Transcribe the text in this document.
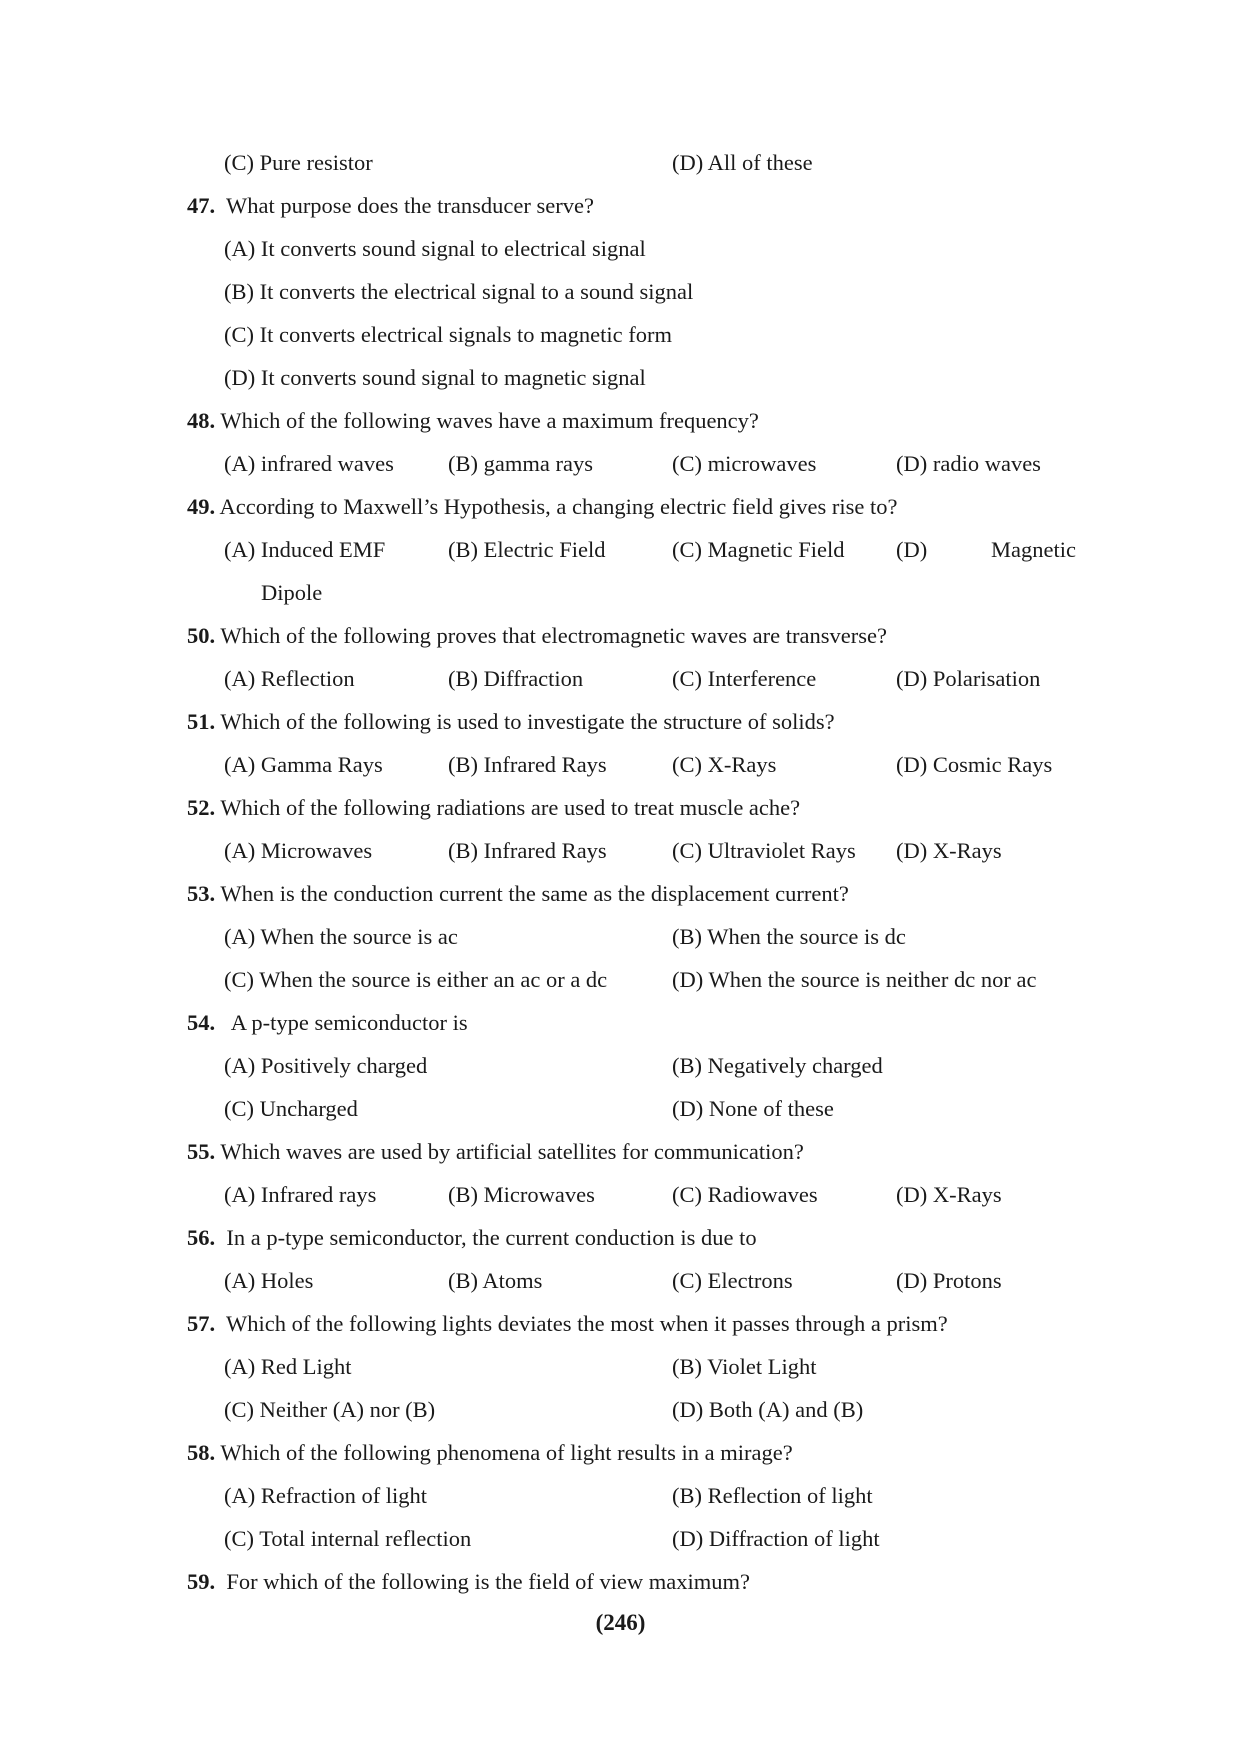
(C) Pure resistor	(D) All of these
47. What purpose does the transducer serve?
(A) It converts sound signal to electrical signal
(B) It converts the electrical signal to a sound signal
(C) It converts electrical signals to magnetic form
(D) It converts sound signal to magnetic signal
48. Which of the following waves have a maximum frequency?
(A) infrared waves (B) gamma rays	(C) microwaves	(D) radio waves
49. According to Maxwell’s Hypothesis, a changing electric field gives rise to?
(A) Induced EMF	(B) Electric Field	(C) Magnetic Field (D)	Magnetic
Dipole
50. Which of the following proves that electromagnetic waves are transverse?
(A) Reflection	(B) Diffraction	(C) Interference	(D) Polarisation
51. Which of the following is used to investigate the structure of solids?
(A) Gamma Rays	(B) Infrared Rays	(C) X-Rays	(D) Cosmic Rays
52. Which of the following radiations are used to treat muscle ache?
(A) Microwaves	(B) Infrared Rays	(C) Ultraviolet Rays (D) X-Rays
53. When is the conduction current the same as the displacement current?
(A) When the source is ac	(B) When the source is dc
(C) When the source is either an ac or a dc	(D) When the source is neither dc nor ac
54. A p-type semiconductor is
(A) Positively charged	(B) Negatively charged
(C) Uncharged	(D) None of these
55. Which waves are used by artificial satellites for communication?
(A) Infrared rays	(B) Microwaves	(C) Radiowaves	(D) X-Rays
56. In a p-type semiconductor, the current conduction is due to
(A) Holes	(B) Atoms	(C) Electrons	(D) Protons
57. Which of the following lights deviates the most when it passes through a prism?
(A) Red Light	(B) Violet Light
(C) Neither (A) nor (B)	(D) Both (A) and (B)
58. Which of the following phenomena of light results in a mirage?
(A) Refraction of light	(B) Reflection of light
(C) Total internal reflection	(D) Diffraction of light
59. For which of the following is the field of view maximum?
(246)
